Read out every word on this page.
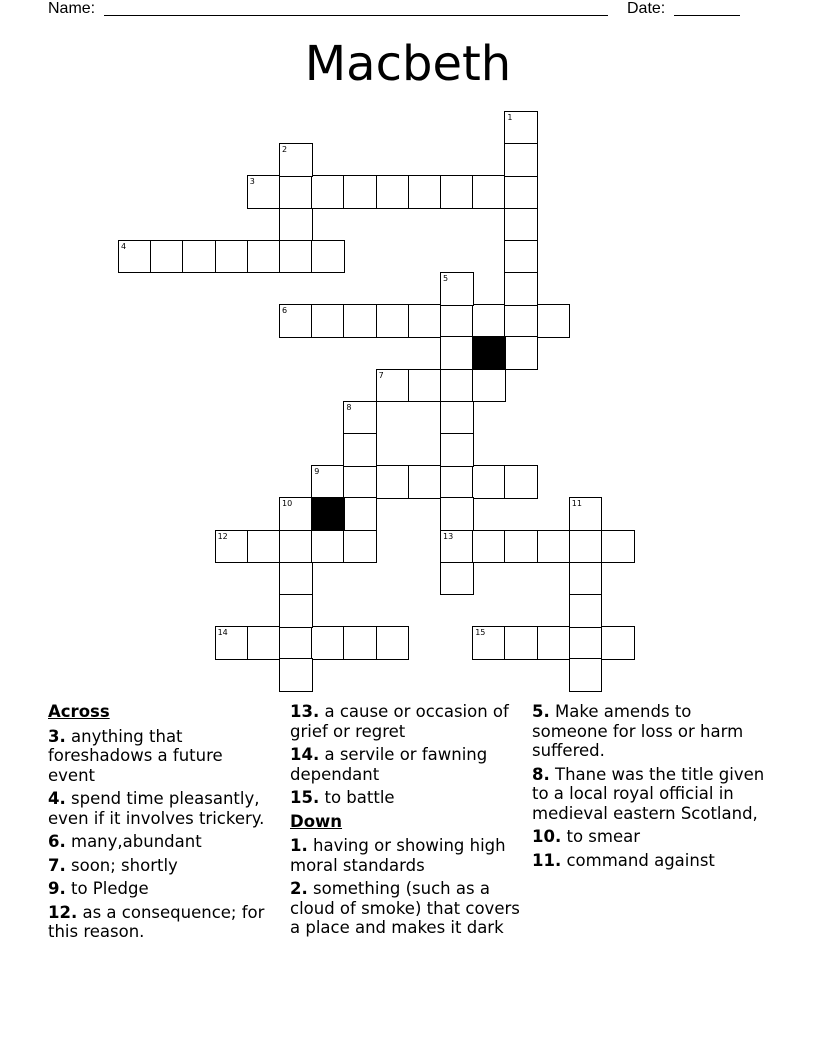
Name:	Date:
Macbeth
3
4
6
7
9
12	13
14	15
1
2
5
8
10	11
Across
3. anything that foreshadows a future event
4. spend time pleasantly, even if it involves trickery.
6. many,abundant
7. soon; shortly
9. to Pledge
12. as a consequence; for this reason.
13. a cause or occasion of grief or regret
14. a servile or fawning dependant
15. to battle
Down
1. having or showing high moral standards
2. something (such as a cloud of smoke) that covers a place and makes it dark
5. Make amends to someone for loss or harm suffered.
8. Thane was the title given to a local royal official in medieval eastern Scotland,
10. to smear
11. command against
